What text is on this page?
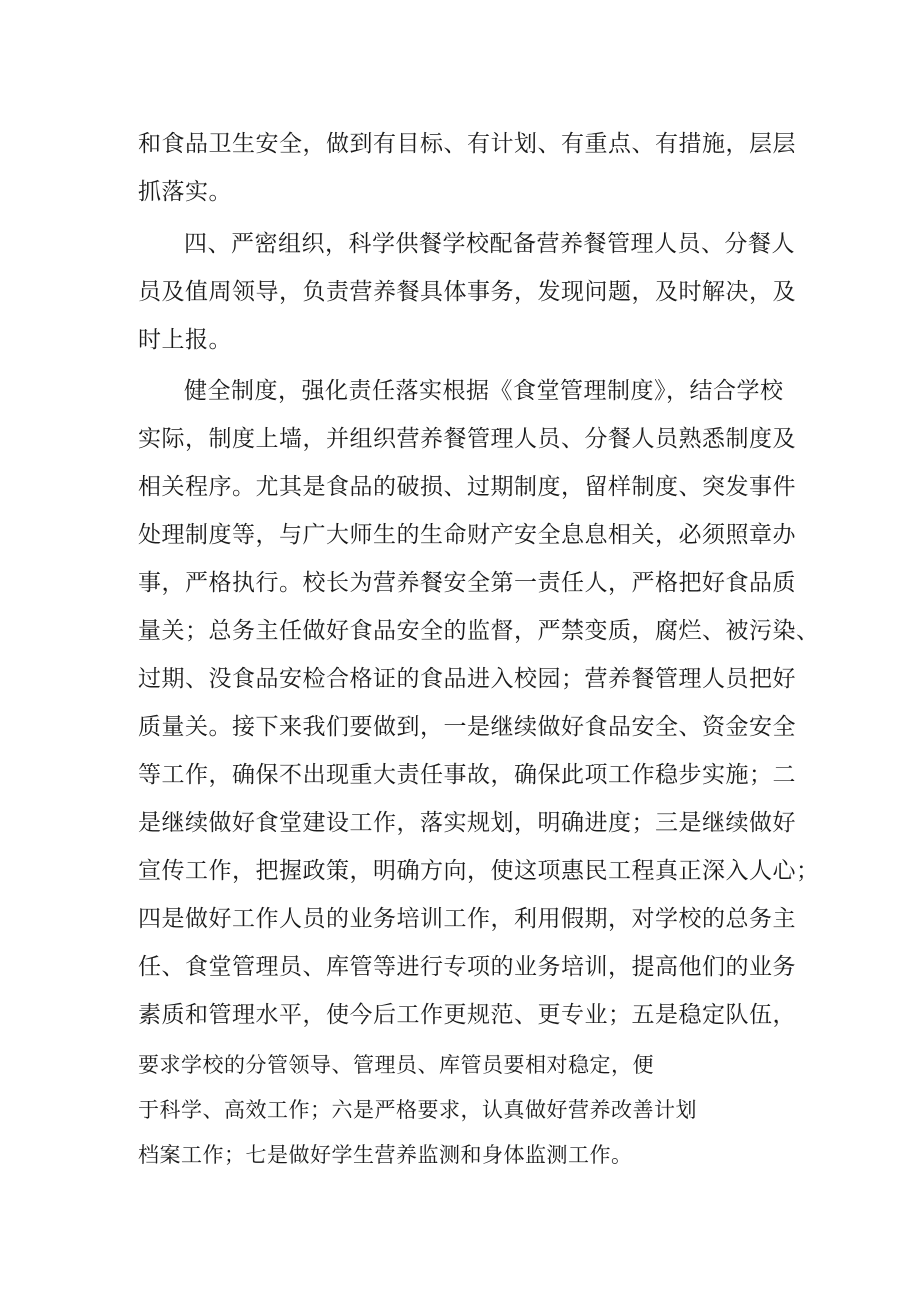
和食品卫生安全，做到有目标、有计划、有重点、有措施，层层
抓落实。
四、严密组织，科学供餐学校配备营养餐管理人员、分餐人
员及值周领导，负责营养餐具体事务，发现问题，及时解决，及
时上报。
健全制度，强化责任落实根据《食堂管理制度》，结合学校
实际，制度上墙，并组织营养餐管理人员、分餐人员熟悉制度及
相关程序。尤其是食品的破损、过期制度，留样制度、突发事件
处理制度等，与广大师生的生命财产安全息息相关，必须照章办
事，严格执行。校长为营养餐安全第一责任人，严格把好食品质
量关；总务主任做好食品安全的监督，严禁变质，腐烂、被污染、
过期、没食品安检合格证的食品进入校园；营养餐管理人员把好
质量关。接下来我们要做到，一是继续做好食品安全、资金安全
等工作，确保不出现重大责任事故，确保此项工作稳步实施；二
是继续做好食堂建设工作，落实规划，明确进度；三是继续做好
宣传工作，把握政策，明确方向，使这项惠民工程真正深入人心；
四是做好工作人员的业务培训工作，利用假期，对学校的总务主
任、食堂管理员、库管等进行专项的业务培训，提高他们的业务
素质和管理水平，使今后工作更规范、更专业；五是稳定队伍，
要求学校的分管领导、管理员、库管员要相对稳定，便
于科学、高效工作；六是严格要求，认真做好营养改善计划
档案工作；七是做好学生营养监测和身体监测工作。
